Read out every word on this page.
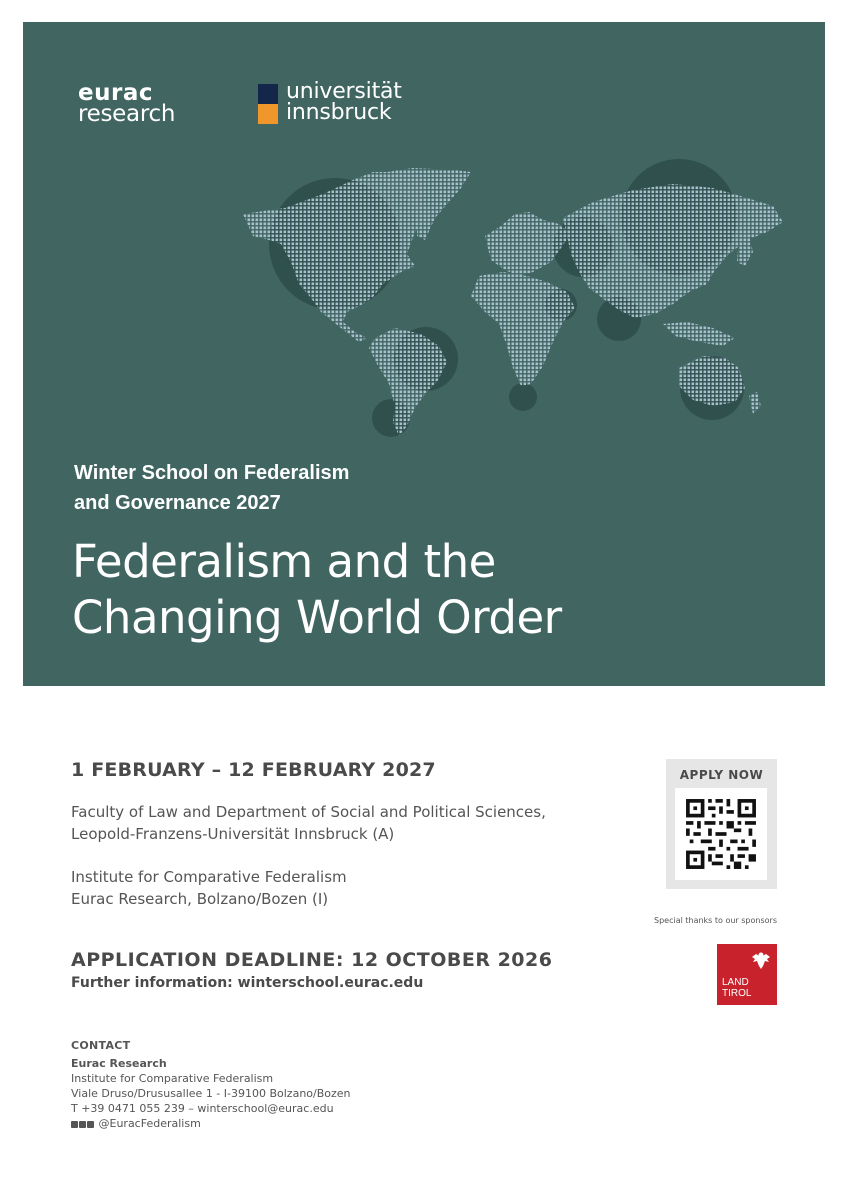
eurac
research
universität
innsbruck
Winter School on Federalism
and Governance 2027
Federalism and the
Changing World Order
1 FEBRUARY – 12 FEBRUARY 2027
Faculty of Law and Department of Social and Political Sciences,
Leopold-Franzens-Universität Innsbruck (A)
Institute for Comparative Federalism
Eurac Research, Bolzano/Bozen (I)
APPLICATION DEADLINE: 12 OCTOBER 2026
Further information: winterschool.eurac.edu
CONTACT
Eurac Research
Institute for Comparative Federalism
Viale Druso/Drususallee 1 - I-39100 Bolzano/Bozen
T +39 0471 055 239 – winterschool@eurac.edu
@EuracFederalism
APPLY NOW
Special thanks to our sponsors
LAND
TIROL
